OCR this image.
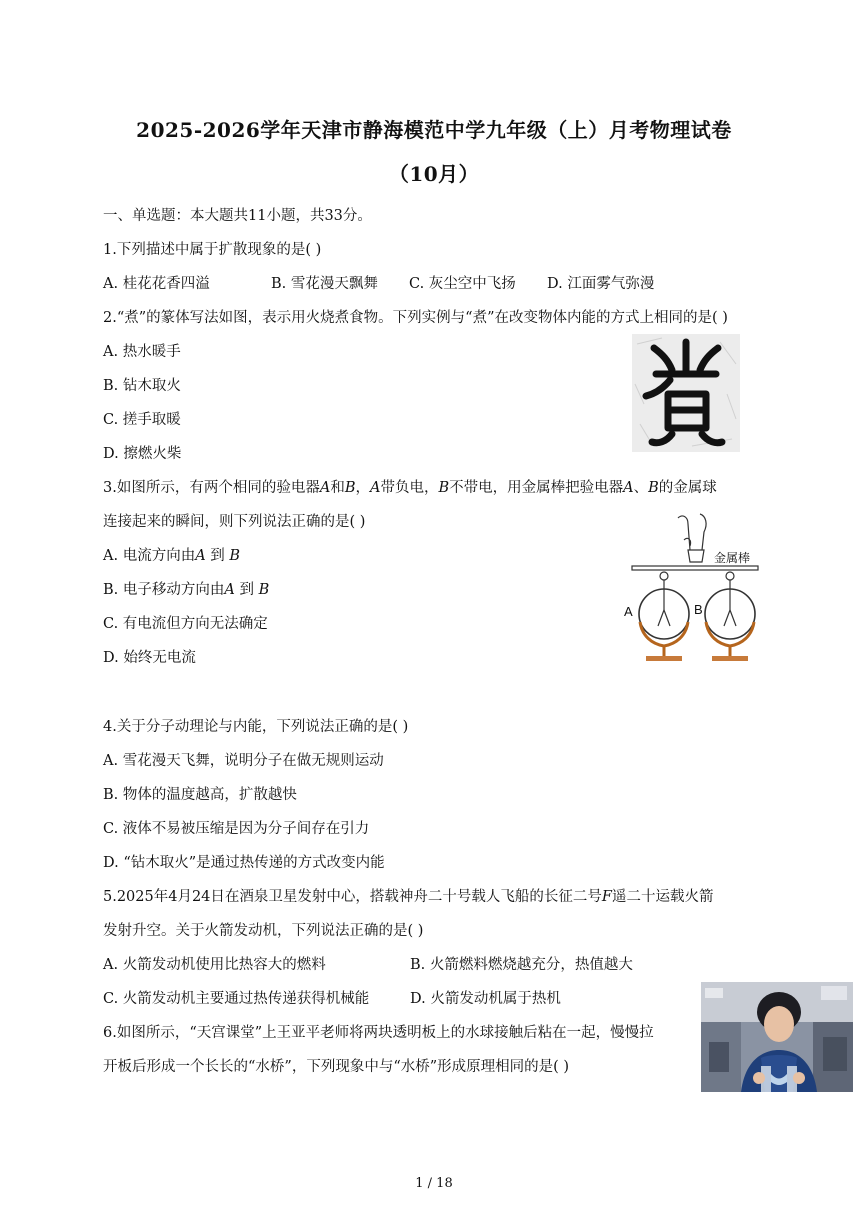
2025-2026学年天津市静海模范中学九年级（上）月考物理试卷
（10月）
一、单选题：本大题共11小题，共33分。
1.下列描述中属于扩散现象的是( )
A. 桂花花香四溢	B. 雪花漫天飘舞 C. 灰尘空中飞扬 D. 江面雾气弥漫
2.“煮”的篆体写法如图，表示用火烧煮食物。下列实例与“煮”在改变物体内能的方式上相同的是( )
A. 热水暖手
B. 钻木取火
C. 搓手取暖
D. 擦燃火柴
3.如图所示，有两个相同的验电器A和B，A带负电，B不带电，用金属棒把验电器A、B的金属球
连接起来的瞬间，则下列说法正确的是( )
A. 电流方向由A 到 B
B. 电子移动方向由A 到 B
C. 有电流但方向无法确定
D. 始终无电流
金属棒
A	B
4.关于分子动理论与内能，下列说法正确的是( )
A. 雪花漫天飞舞，说明分子在做无规则运动
B. 物体的温度越高，扩散越快
C. 液体不易被压缩是因为分子间存在引力
D. “钻木取火”是通过热传递的方式改变内能
5.2025年4月24日在酒泉卫星发射中心，搭载神舟二十号载人飞船的长征二号F遥二十运载火箭
发射升空。关于火箭发动机，下列说法正确的是( )
A. 火箭发动机使用比热容大的燃料	B. 火箭燃料燃烧越充分，热值越大
C. 火箭发动机主要通过热传递获得机械能	D. 火箭发动机属于热机
6.如图所示，“天宫课堂”上王亚平老师将两块透明板上的水球接触后粘在一起，慢慢拉
开板后形成一个长长的“水桥”，下列现象中与“水桥”形成原理相同的是( )
1 / 18
